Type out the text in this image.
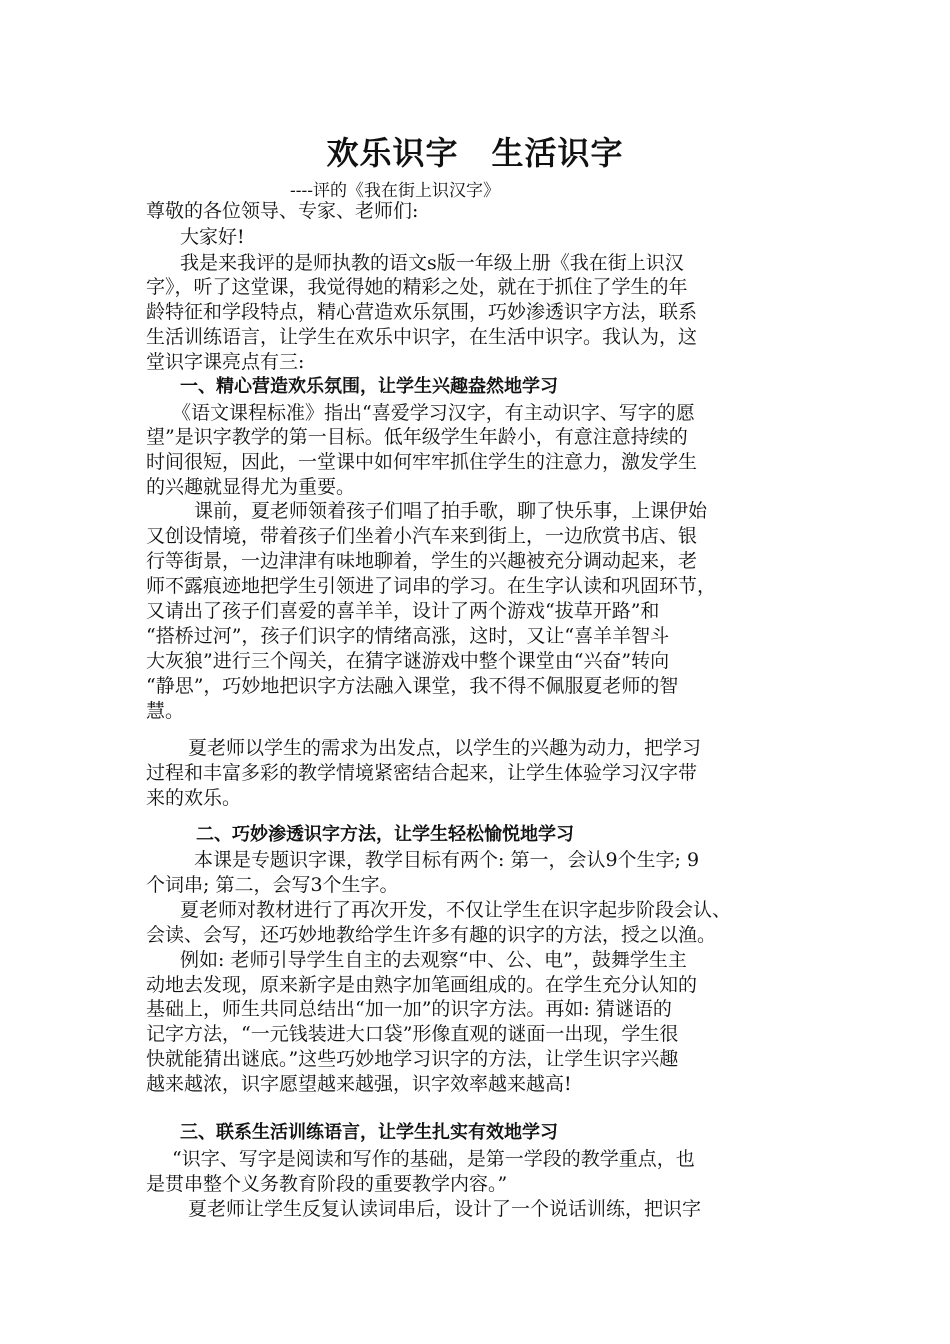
欢乐识字　生活识字
----评的《我在街上识汉字》
尊敬的各位领导、专家、老师们:
大家好!
我是来我评的是师执教的语文s版一年级上册《我在街上识汉
字》，听了这堂课，我觉得她的精彩之处，就在于抓住了学生的年
龄特征和学段特点，精心营造欢乐氛围，巧妙渗透识字方法，联系
生活训练语言，让学生在欢乐中识字，在生活中识字。我认为，这
堂识字课亮点有三:
一、精心营造欢乐氛围，让学生兴趣盎然地学习
《语文课程标准》指出“喜爱学习汉字，有主动识字、写字的愿
望”是识字教学的第一目标。低年级学生年龄小，有意注意持续的
时间很短，因此，一堂课中如何牢牢抓住学生的注意力，激发学生
的兴趣就显得尤为重要。
课前，夏老师领着孩子们唱了拍手歌，聊了快乐事，上课伊始
又创设情境，带着孩子们坐着小汽车来到街上，一边欣赏书店、银
行等街景，一边津津有味地聊着，学生的兴趣被充分调动起来，老
师不露痕迹地把学生引领进了词串的学习。在生字认读和巩固环节，
又请出了孩子们喜爱的喜羊羊，设计了两个游戏“拔草开路”和
“搭桥过河”，孩子们识字的情绪高涨，这时，又让“喜羊羊智斗
大灰狼”进行三个闯关，在猜字谜游戏中整个课堂由“兴奋”转向
“静思”，巧妙地把识字方法融入课堂，我不得不佩服夏老师的智
慧。
夏老师以学生的需求为出发点，以学生的兴趣为动力，把学习
过程和丰富多彩的教学情境紧密结合起来，让学生体验学习汉字带
来的欢乐。
二、巧妙渗透识字方法，让学生轻松愉悦地学习
本课是专题识字课，教学目标有两个: 第一，会认9个生字; 9
个词串; 第二，会写3个生字。
夏老师对教材进行了再次开发，不仅让学生在识字起步阶段会认、
会读、会写，还巧妙地教给学生许多有趣的识字的方法，授之以渔。
例如: 老师引导学生自主的去观察“中、公、电”，鼓舞学生主
动地去发现，原来新字是由熟字加笔画组成的。在学生充分认知的
基础上，师生共同总结出“加一加”的识字方法。再如: 猜谜语的
记字方法，“一元钱装进大口袋”形像直观的谜面一出现，学生很
快就能猜出谜底。”这些巧妙地学习识字的方法，让学生识字兴趣
越来越浓，识字愿望越来越强，识字效率越来越高!
三、联系生活训练语言，让学生扎实有效地学习
“识字、写字是阅读和写作的基础，是第一学段的教学重点，也
是贯串整个义务教育阶段的重要教学内容。”
夏老师让学生反复认读词串后，设计了一个说话训练，把识字
